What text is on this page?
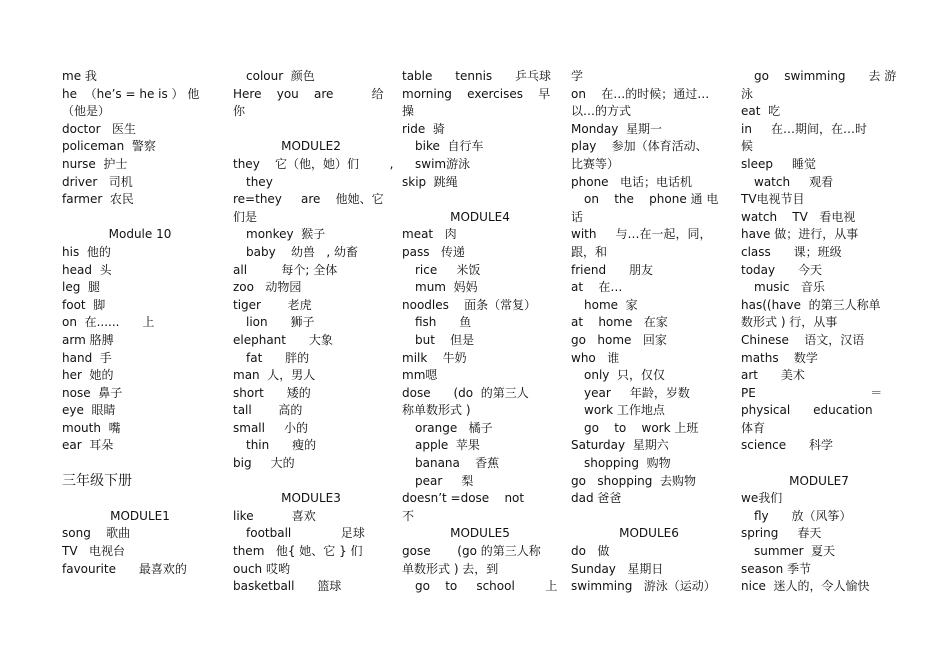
me 我
he  （he’s = he is ） 他
（他是）
doctor   医生
policeman  警察
nurse  护士
driver   司机
farmer  农民
Module 10
his  他的
head  头
leg  腿
foot  脚
on  在......      上
arm 胳膊
hand  手
her  她的
nose  鼻子
eye  眼睛
mouth  嘴
ear  耳朵
三年级下册
MODULE1
song    歌曲
TV   电视台
favourite      最喜欢的
colour  颜色
Here    you    are          给
你
MODULE2
they    它（他，她）们        ,
they
re=they     are    他她、它
们是
monkey  猴子
baby    幼兽   , 幼畜
all         每个; 全体
zoo   动物园
tiger       老虎
lion      狮子
elephant      大象
fat      胖的
man  人，男人
short      矮的
tall       高的
small     小的
thin      瘦的
big     大的
MODULE3
like          喜欢
football             足球
them   他{ 她、它 } 们
ouch 哎哟
basketball      篮球
table      tennis      乒乓球
morning    exercises    早
操
ride  骑
bike  自行车
swim游泳
skip  跳绳
MODULE4
meat   肉
pass   传递
rice     米饭
mum  妈妈
noodles    面条（常复）
fish      鱼
but    但是
milk    牛奶
mm嗯
dose      (do  的第三人
称单数形式 )
orange   橘子
apple  苹果
banana    香蕉
pear     梨
doesn’t =dose    not
不
MODULE5
gose       (go 的第三人称
单数形式 ) 去，到
go    to     school        上
学
on    在…的时候；通过…
以…的方式
Monday  星期一
play    参加（体育活动、
比赛等）
phone   电话；电话机
on    the    phone 通 电
话
with     与…在一起，同，
跟，和
friend      朋友
at    在…
home  家
at    home   在家
go   home   回家
who   谁
only  只，仅仅
year     年龄，岁数
work 工作地点
go    to    work 上班
Saturday  星期六
shopping  购物
go   shopping  去购物
dad 爸爸
MODULE6
do   做
Sunday   星期日
swimming   游泳（运动）
go    swimming      去 游
泳
eat  吃
in     在…期间，在…时
候
sleep     睡觉
watch     观看
TV电视节目
watch    TV   看电视
have 做；进行，从事
class      课；班级
today      今天
music   音乐
has((have  的第三人称单
数形式 ) 行，从事
Chinese    语文，汉语
maths    数学
art      美术
PE                              ＝
physical      education
体育
science      科学
MODULE7
we我们
fly      放（风筝）
spring     春天
summer  夏天
season 季节
nice  迷人的，令人愉快
